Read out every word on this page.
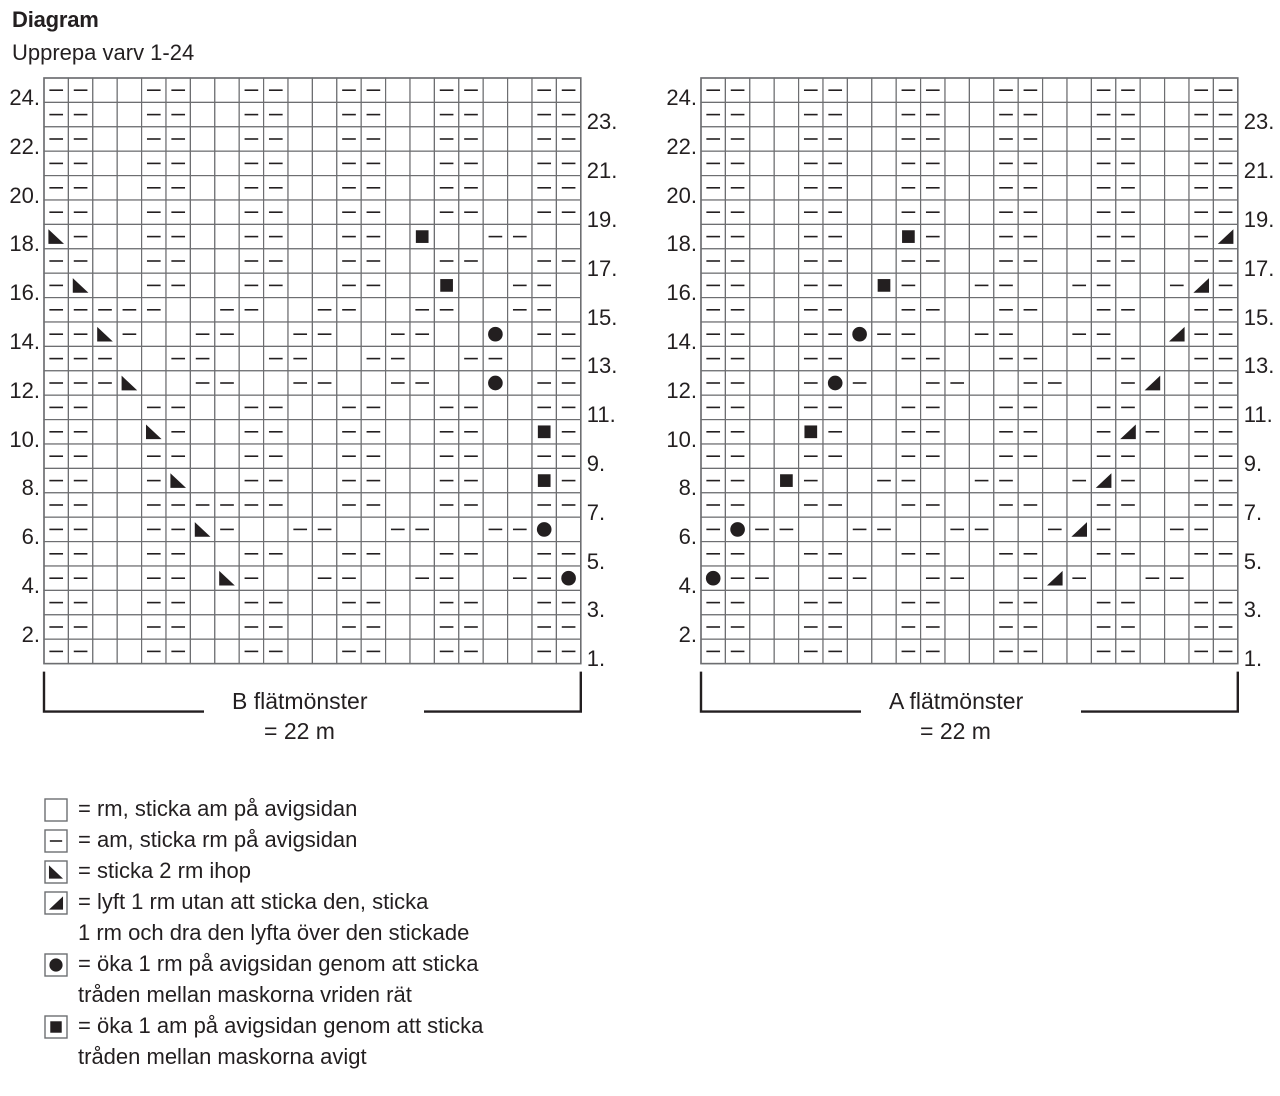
Diagram
Upprepa varv 1-24
B flätmönster
= 22 m
A flätmönster
= 22 m
24.
22.
20.
18.
16.
14.
12.
10.
8.
6.
4.
2.
23.
21.
19.
17.
15.
13.
11.
9.
7.
5.
3.
1.
24.
22.
20.
18.
16.
14.
12.
10.
8.
6.
4.
2.
23.
21.
19.
17.
15.
13.
11.
9.
7.
5.
3.
1.
= rm, sticka am på avigsidan
= am, sticka rm på avigsidan
= sticka 2 rm ihop
= lyft 1 rm utan att sticka den, sticka
1 rm och dra den lyfta över den stickade
= öka 1 rm på avigsidan genom att sticka
tråden mellan maskorna vriden rät
= öka 1 am på avigsidan genom att sticka
tråden mellan maskorna avigt
